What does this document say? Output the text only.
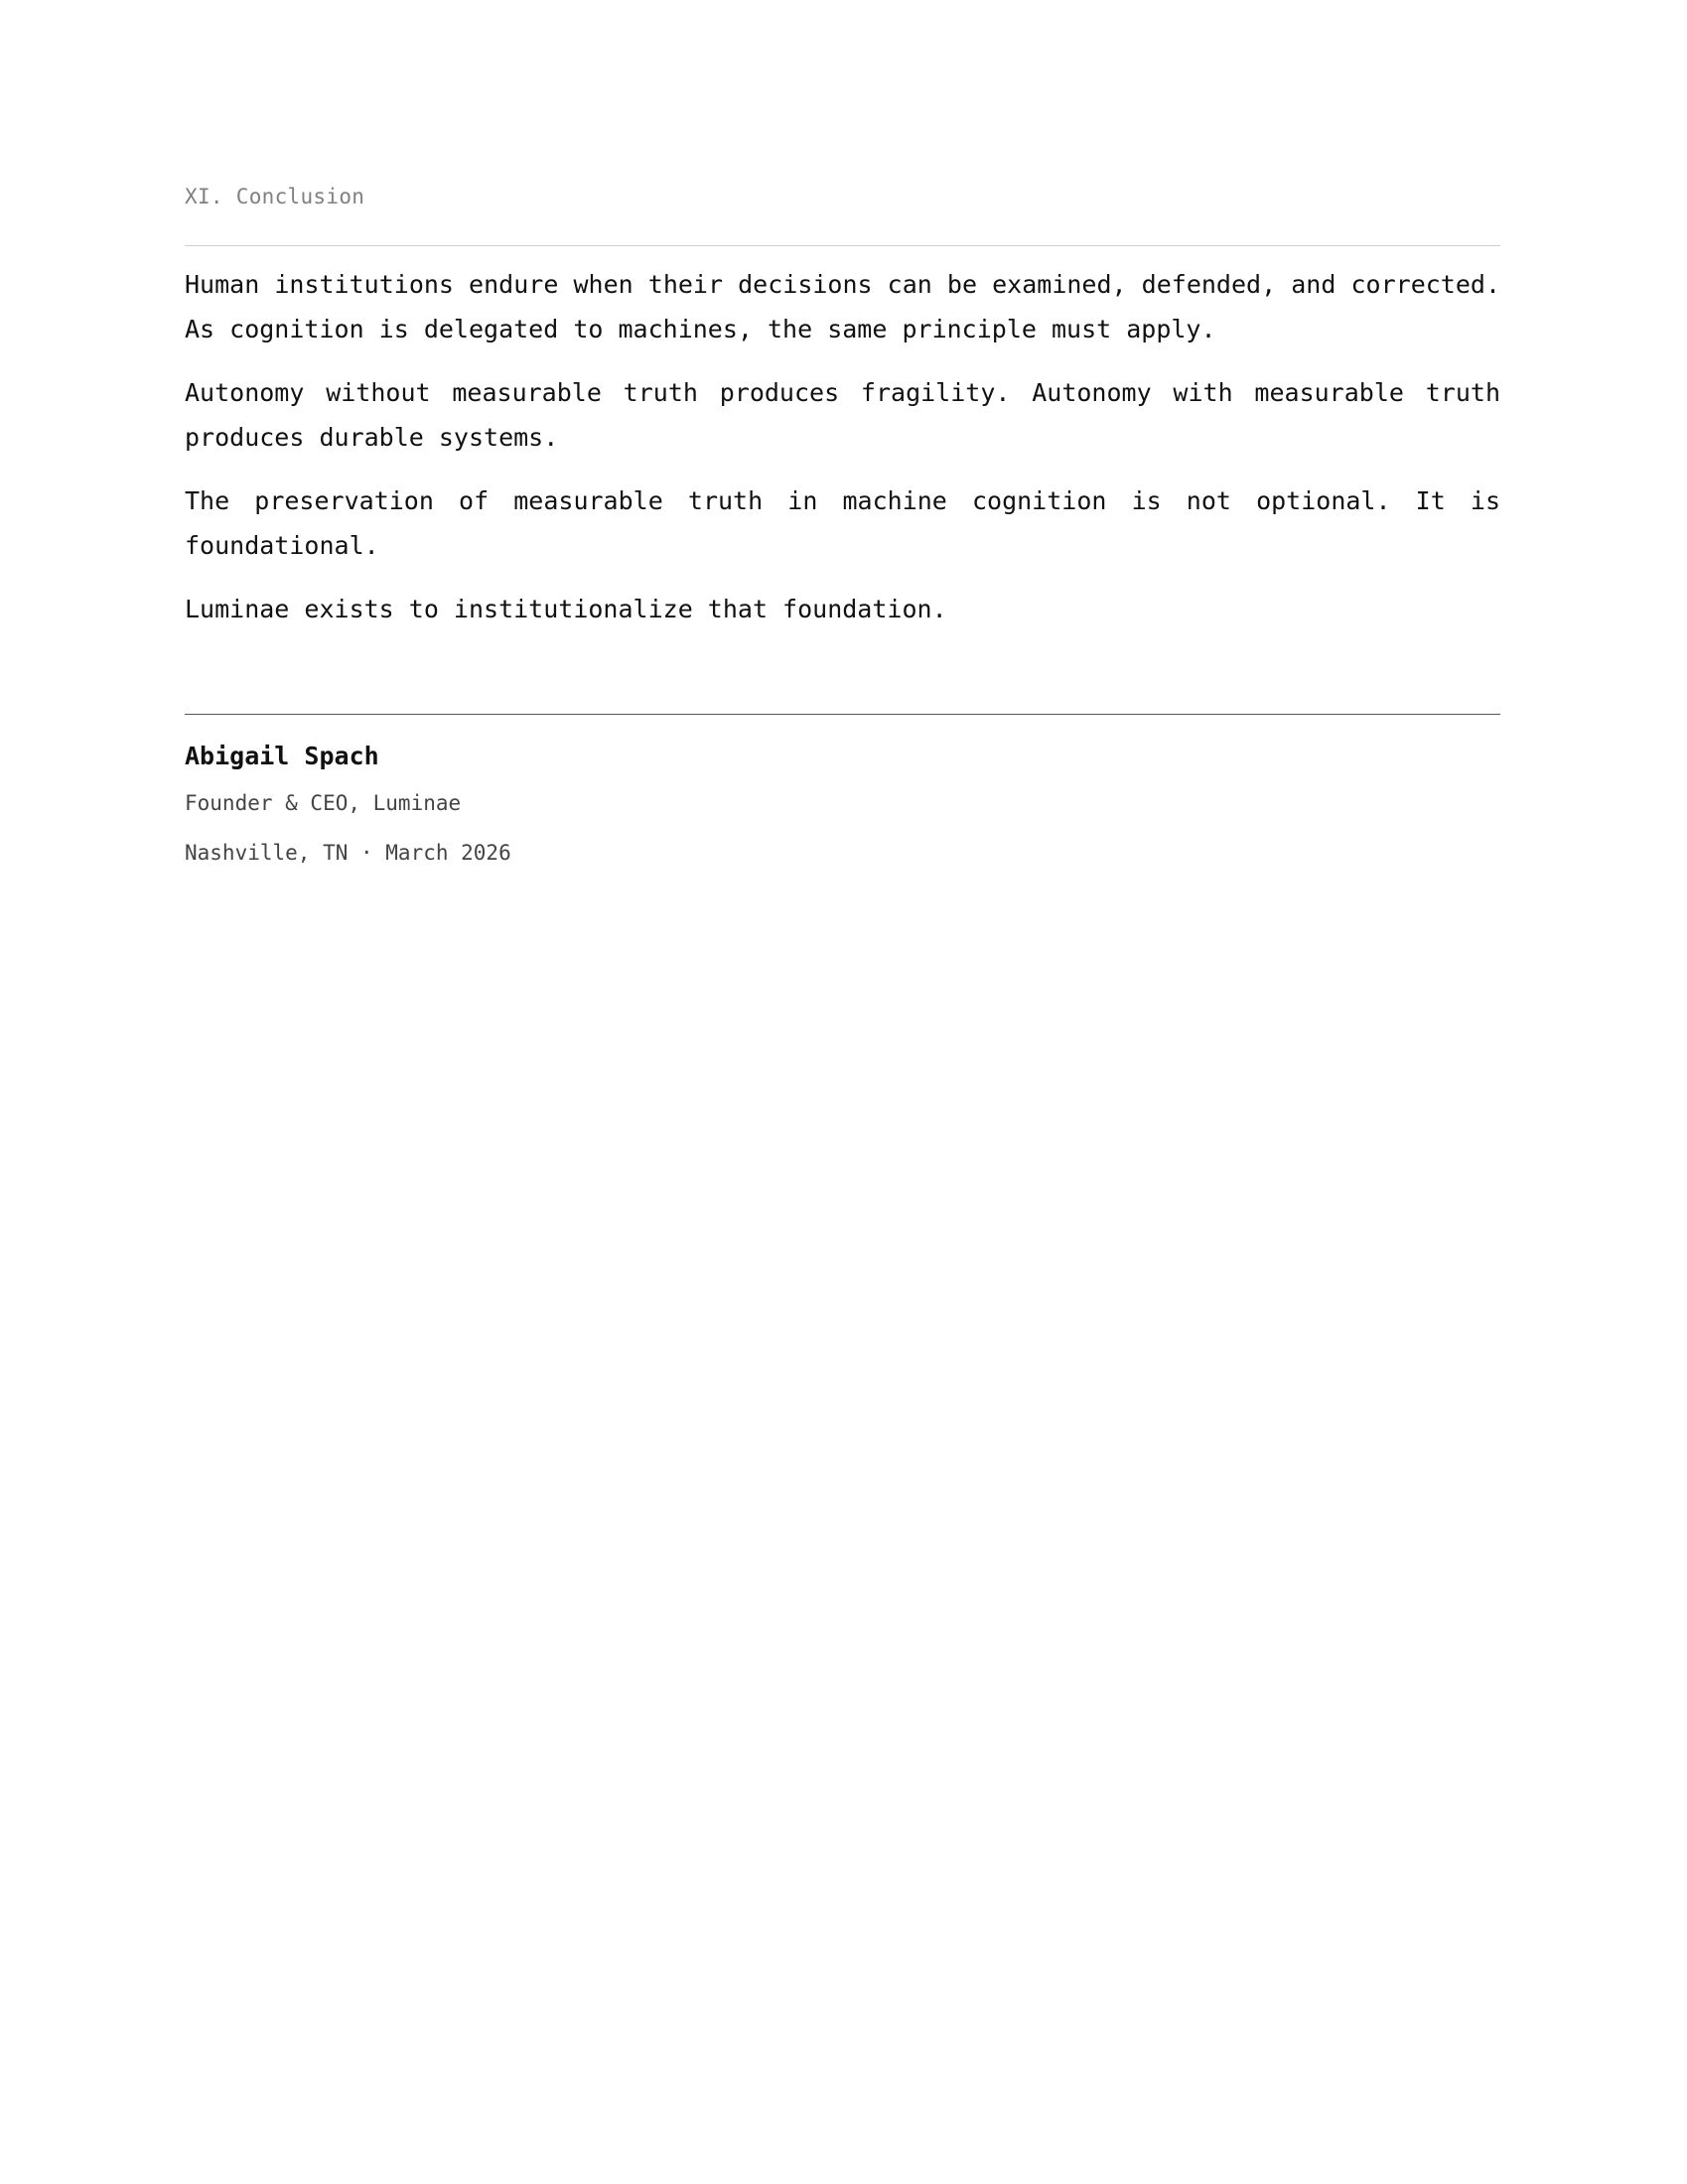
XI. Conclusion

Human institutions endure when their decisions can be examined, defended, and corrected. As cognition is delegated to machines, the same principle must apply.

Autonomy without measurable truth produces fragility. Autonomy with measurable truth produces durable systems.

The preservation of measurable truth in machine cognition is not optional. It is foundational.

Luminae exists to institutionalize that foundation.

Abigail Spach
Founder & CEO, Luminae
Nashville, TN · March 2026
